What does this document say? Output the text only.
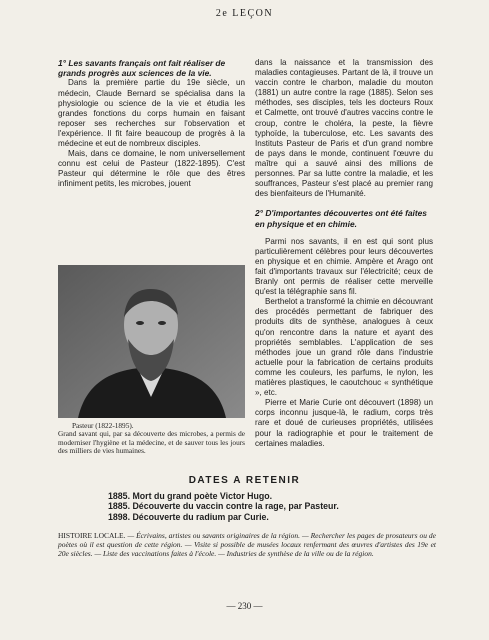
2e LEÇON

1° Les savants français ont fait réaliser de grands progrès aux sciences de la vie.

Dans la première partie du 19e siècle, un médecin, Claude Bernard se spécialisa dans la physiologie ou science de la vie et étudia les grandes fonctions du corps humain en faisant reposer ses recherches sur l'observation et l'expérience. Il fit faire beaucoup de progrès à la médecine et eut de nombreux disciples.

Mais, dans ce domaine, le nom universellement connu est celui de Pasteur (1822-1895). C'est Pasteur qui détermine le rôle que des êtres infiniment petits, les microbes, jouent

Pasteur (1822-1895).
Grand savant qui, par sa découverte des microbes, a permis de moderniser l'hygiène et la médecine, et de sauver tous les jours des milliers de vies humaines.

dans la naissance et la transmission des maladies contagieuses. Partant de là, il trouve un vaccin contre le charbon, maladie du mouton (1881) un autre contre la rage (1885). Selon ses méthodes, ses disciples, tels les docteurs Roux et Calmette, ont trouvé d'autres vaccins contre le croup, contre le choléra, la peste, la fièvre typhoïde, la tuberculose, etc. Les savants des Instituts Pasteur de Paris et d'un grand nombre de pays dans le monde, continuent l'œuvre du maître qui a sauvé ainsi des millions de personnes. Par sa lutte contre la maladie, et les souffrances, Pasteur s'est placé au premier rang des bienfaiteurs de l'Humanité.

2° D'importantes découvertes ont été faites en physique et en chimie.

Parmi nos savants, il en est qui sont plus particulièrement célèbres pour leurs découvertes en physique et en chimie. Ampère et Arago ont fait d'importants travaux sur l'électricité; ceux de Branly ont permis de réaliser cette merveille qu'est la télégraphie sans fil.

Berthelot a transformé la chimie en découvrant des procédés permettant de fabriquer des produits dits de synthèse, analogues à ceux qu'on rencontre dans la nature et ayant des propriétés semblables. L'application de ses méthodes joue un grand rôle dans l'industrie actuelle pour la fabrication de certains produits comme les couleurs, les parfums, le nylon, les matières plastiques, le caoutchouc « synthétique », etc.

Pierre et Marie Curie ont découvert (1898) un corps inconnu jusque-là, le radium, corps très rare et doué de curieuses propriétés, utilisées pour la radiographie et pour le traitement de certaines maladies.

DATES A RETENIR
1885. Mort du grand poète Victor Hugo.
1885. Découverte du vaccin contre la rage, par Pasteur.
1898. Découverte du radium par Curie.
HISTOIRE LOCALE. — Écrivains, artistes ou savants originaires de la région. — Rechercher les pages de prosateurs ou de poètes où il est question de cette région. — Visite si possible de musées locaux renfermant des œuvres d'artistes des 19e et 20e siècles. — Liste des vaccinations faites à l'école. — Industries de synthèse de la ville ou de la région.
— 230 —
